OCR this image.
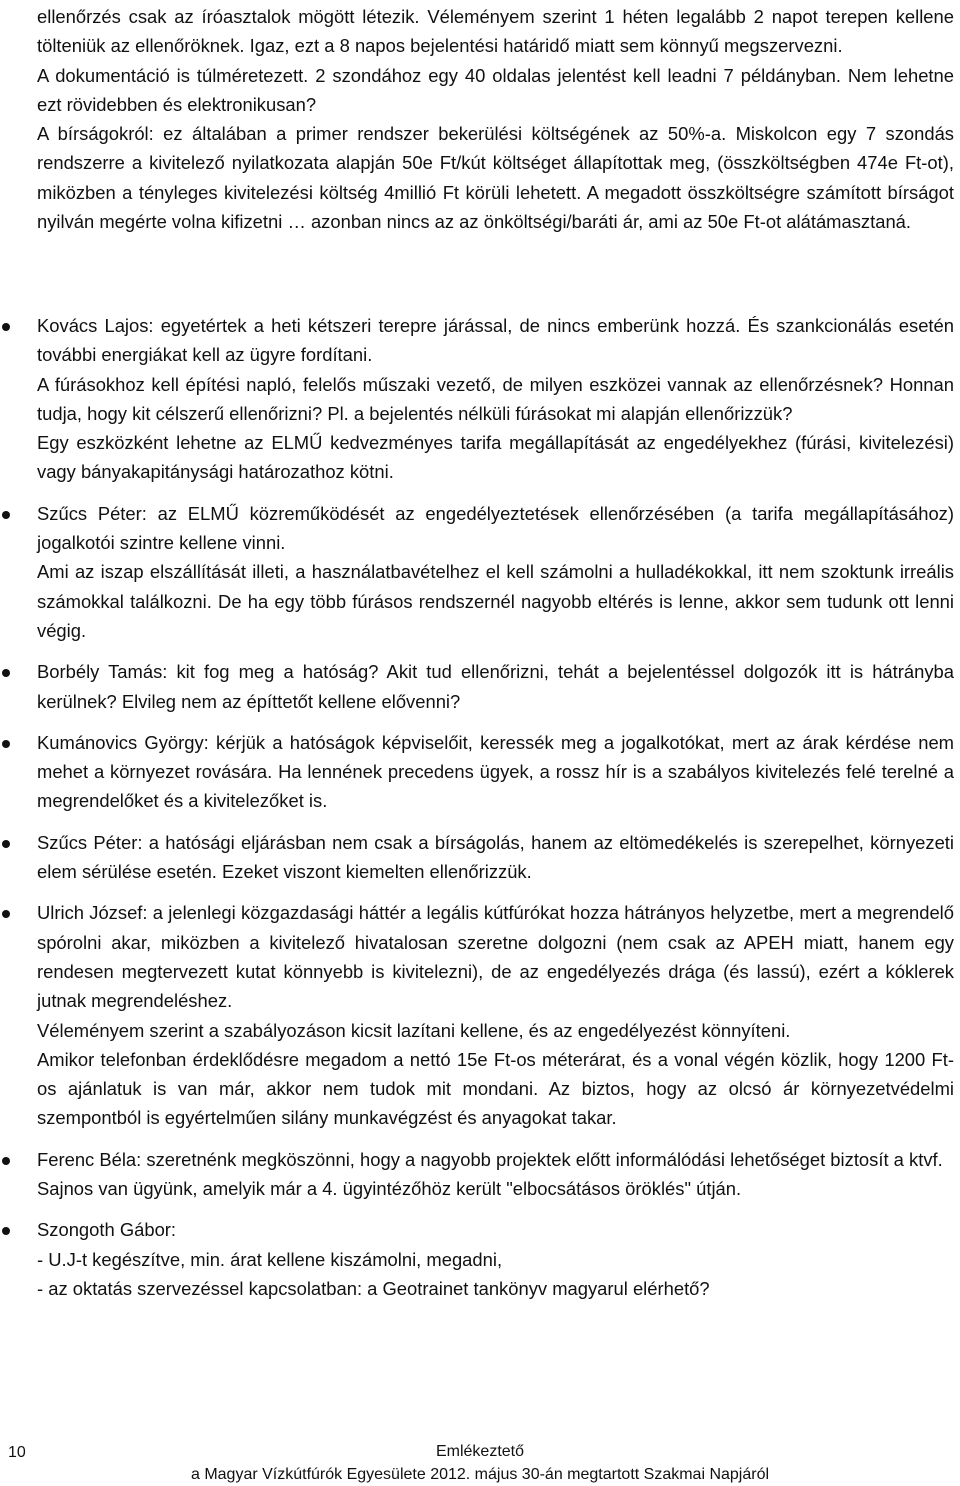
ellenőrzés csak az íróasztalok mögött létezik. Véleményem szerint 1 héten legalább 2 napot terepen kellene tölteniük az ellenőröknek. Igaz, ezt a 8 napos bejelentési határidő miatt sem könnyű megszervezni.

A dokumentáció is túlméretezett. 2 szondához egy 40 oldalas jelentést kell leadni 7 példányban. Nem lehetne ezt rövidebben és elektronikusan?

A bírságokról: ez általában a primer rendszer bekerülési költségének az 50%-a. Miskolcon egy 7 szondás rendszerre a kivitelező nyilatkozata alapján 50e Ft/kút költséget állapítottak meg, (összköltségben 474e Ft-ot), miközben a tényleges kivitelezési költség 4millió Ft körüli lehetett. A megadott összköltségre számított bírságot nyilván megérte volna kifizetni … azonban nincs az az önköltségi/baráti ár, ami az 50e Ft-ot alátámasztaná.

Kovács Lajos: egyetértek a heti kétszeri terepre járással, de nincs emberünk hozzá. És szankcionálás esetén további energiákat kell az ügyre fordítani.

A fúrásokhoz kell építési napló, felelős műszaki vezető, de milyen eszközei vannak az ellenőrzésnek? Honnan tudja, hogy kit célszerű ellenőrizni? Pl. a bejelentés nélküli fúrásokat mi alapján ellenőrizzük?

Egy eszközként lehetne az ELMŰ kedvezményes tarifa megállapítását az engedélyekhez (fúrási, kivitelezési) vagy bányakapitánysági határozathoz kötni.

Szűcs Péter: az ELMŰ közreműködését az engedélyeztetések ellenőrzésében (a tarifa megállapításához) jogalkotói szintre kellene vinni.

Ami az iszap elszállítását illeti, a használatbavételhez el kell számolni a hulladékokkal, itt nem szoktunk irreális számokkal találkozni. De ha egy több fúrásos rendszernél nagyobb eltérés is lenne, akkor sem tudunk ott lenni végig.

Borbély Tamás: kit fog meg a hatóság? Akit tud ellenőrizni, tehát a bejelentéssel dolgozók itt is hátrányba kerülnek? Elvileg nem az építtetőt kellene elővenni?

Kumánovics György: kérjük a hatóságok képviselőit, keressék meg a jogalkotókat, mert az árak kérdése nem mehet a környezet rovására. Ha lennének precedens ügyek, a rossz hír is a szabályos kivitelezés felé terelné a megrendelőket és a kivitelezőket is.

Szűcs Péter: a hatósági eljárásban nem csak a bírságolás, hanem az eltömedékelés is szerepelhet, környezeti elem sérülése esetén. Ezeket viszont kiemelten ellenőrizzük.

Ulrich József: a jelenlegi közgazdasági háttér a legális kútfúrókat hozza hátrányos helyzetbe, mert a megrendelő spórolni akar, miközben a kivitelező hivatalosan szeretne dolgozni (nem csak az APEH miatt, hanem egy rendesen megtervezett kutat könnyebb is kivitelezni), de az engedélyezés drága (és lassú), ezért a kóklerek jutnak megrendeléshez.

Véleményem szerint a szabályozáson kicsit lazítani kellene, és az engedélyezést könnyíteni.

Amikor telefonban érdeklődésre megadom a nettó 15e Ft-os méterárat, és a vonal végén közlik, hogy 1200 Ft-os ajánlatuk is van már, akkor nem tudok mit mondani. Az biztos, hogy az olcsó ár környezetvédelmi szempontból is egyértelműen silány munkavégzést és anyagokat takar.

Ferenc Béla: szeretnénk megköszönni, hogy a nagyobb projektek előtt informálódási lehetőséget biztosít a ktvf.

Sajnos van ügyünk, amelyik már a 4. ügyintézőhöz került "elbocsátásos öröklés" útján.

Szongoth Gábor:

- U.J-t kegészítve, min. árat kellene kiszámolni, megadni,

- az oktatás szervezéssel kapcsolatban: a Geotrainet tankönyv magyarul elérhető?

10	Emlékeztető
a Magyar Vízkútfúrók Egyesülete 2012. május 30-án megtartott Szakmai Napjáról
